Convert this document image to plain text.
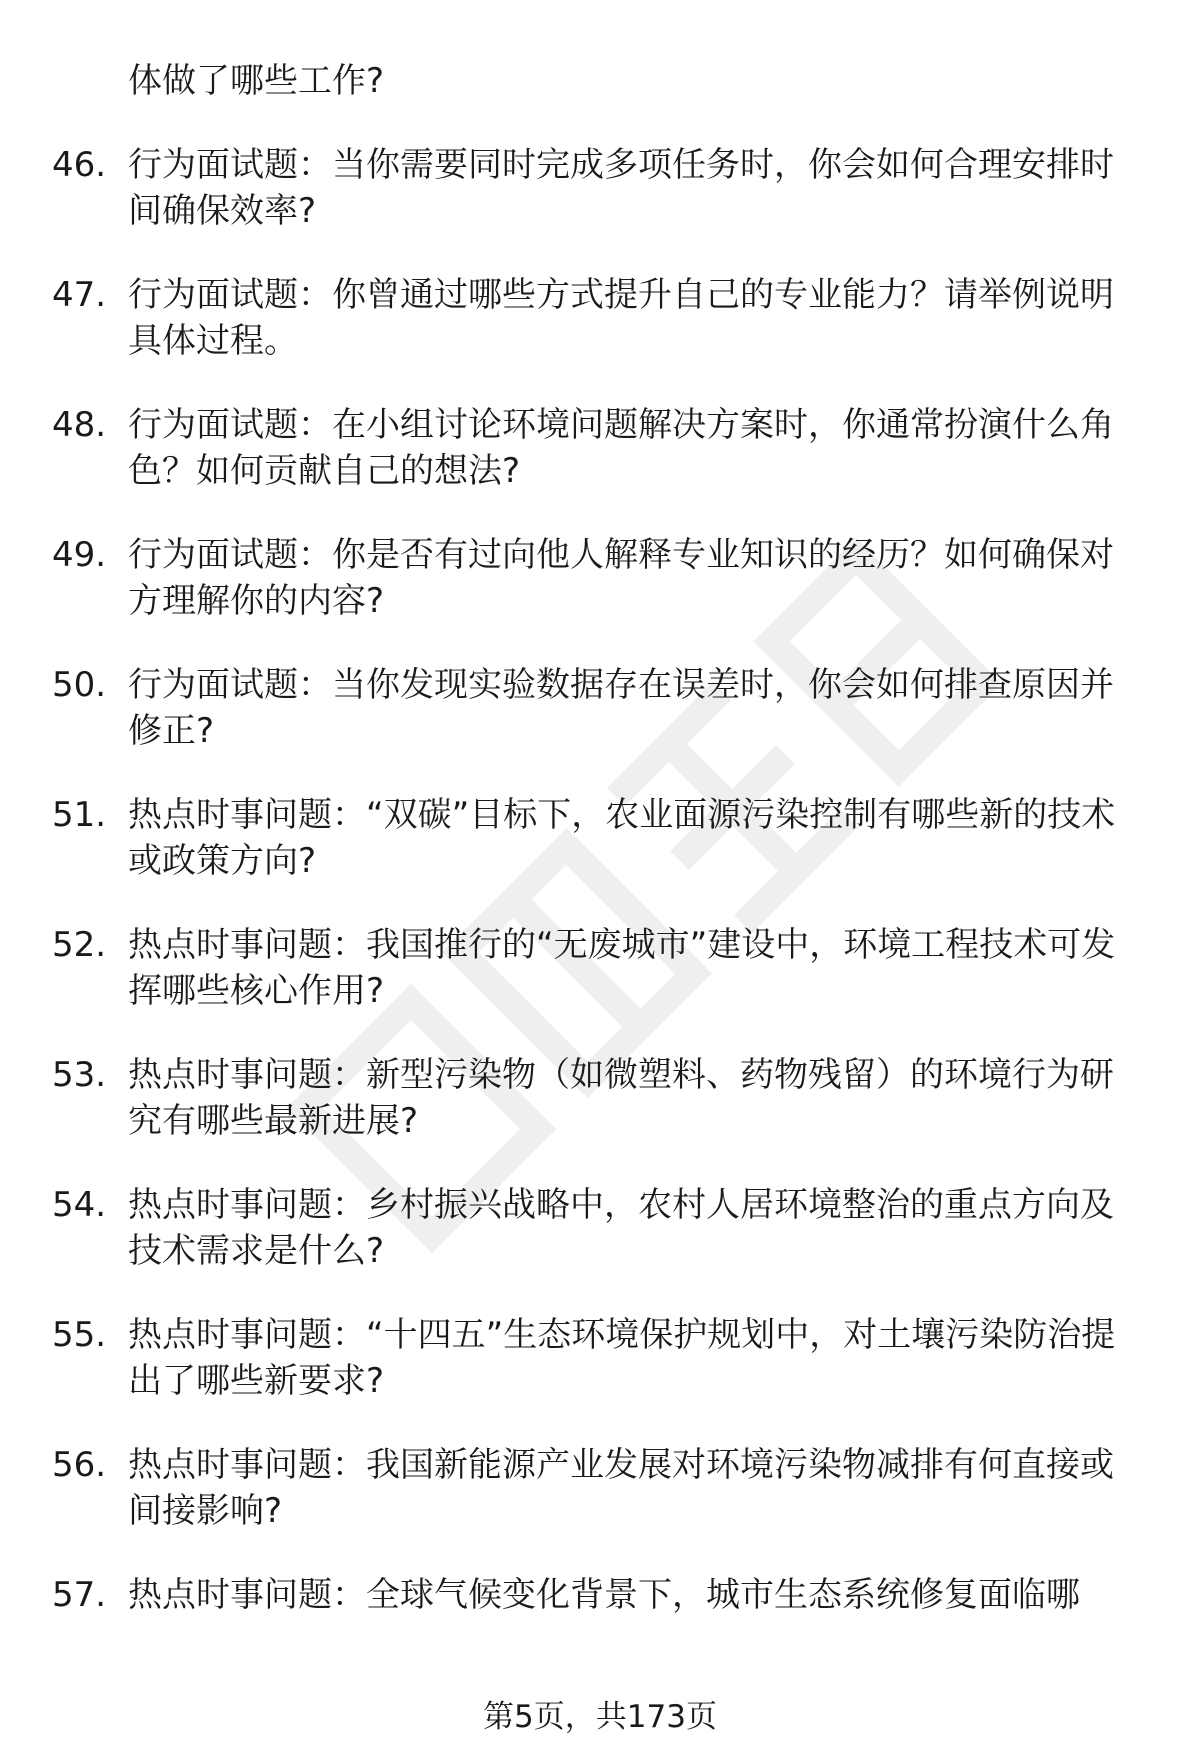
体做了哪些工作?
46. 行为面试题：当你需要同时完成多项任务时，你会如何合理安排时间确保效率?
47. 行为面试题：你曾通过哪些方式提升自己的专业能力？请举例说明具体过程。
48. 行为面试题：在小组讨论环境问题解决方案时，你通常扮演什么角色？如何贡献自己的想法?
49. 行为面试题：你是否有过向他人解释专业知识的经历？如何确保对方理解你的内容?
50. 行为面试题：当你发现实验数据存在误差时，你会如何排查原因并修正?
51. 热点时事问题：“双碳”目标下，农业面源污染控制有哪些新的技术或政策方向?
52. 热点时事问题：我国推行的“无废城市”建设中，环境工程技术可发挥哪些核心作用?
53. 热点时事问题：新型污染物（如微塑料、药物残留）的环境行为研究有哪些最新进展?
54. 热点时事问题：乡村振兴战略中，农村人居环境整治的重点方向及技术需求是什么?
55. 热点时事问题：“十四五”生态环境保护规划中，对土壤污染防治提出了哪些新要求?
56. 热点时事问题：我国新能源产业发展对环境污染物减排有何直接或间接影响?
57. 热点时事问题：全球气候变化背景下，城市生态系统修复面临哪
第5页，共173页
